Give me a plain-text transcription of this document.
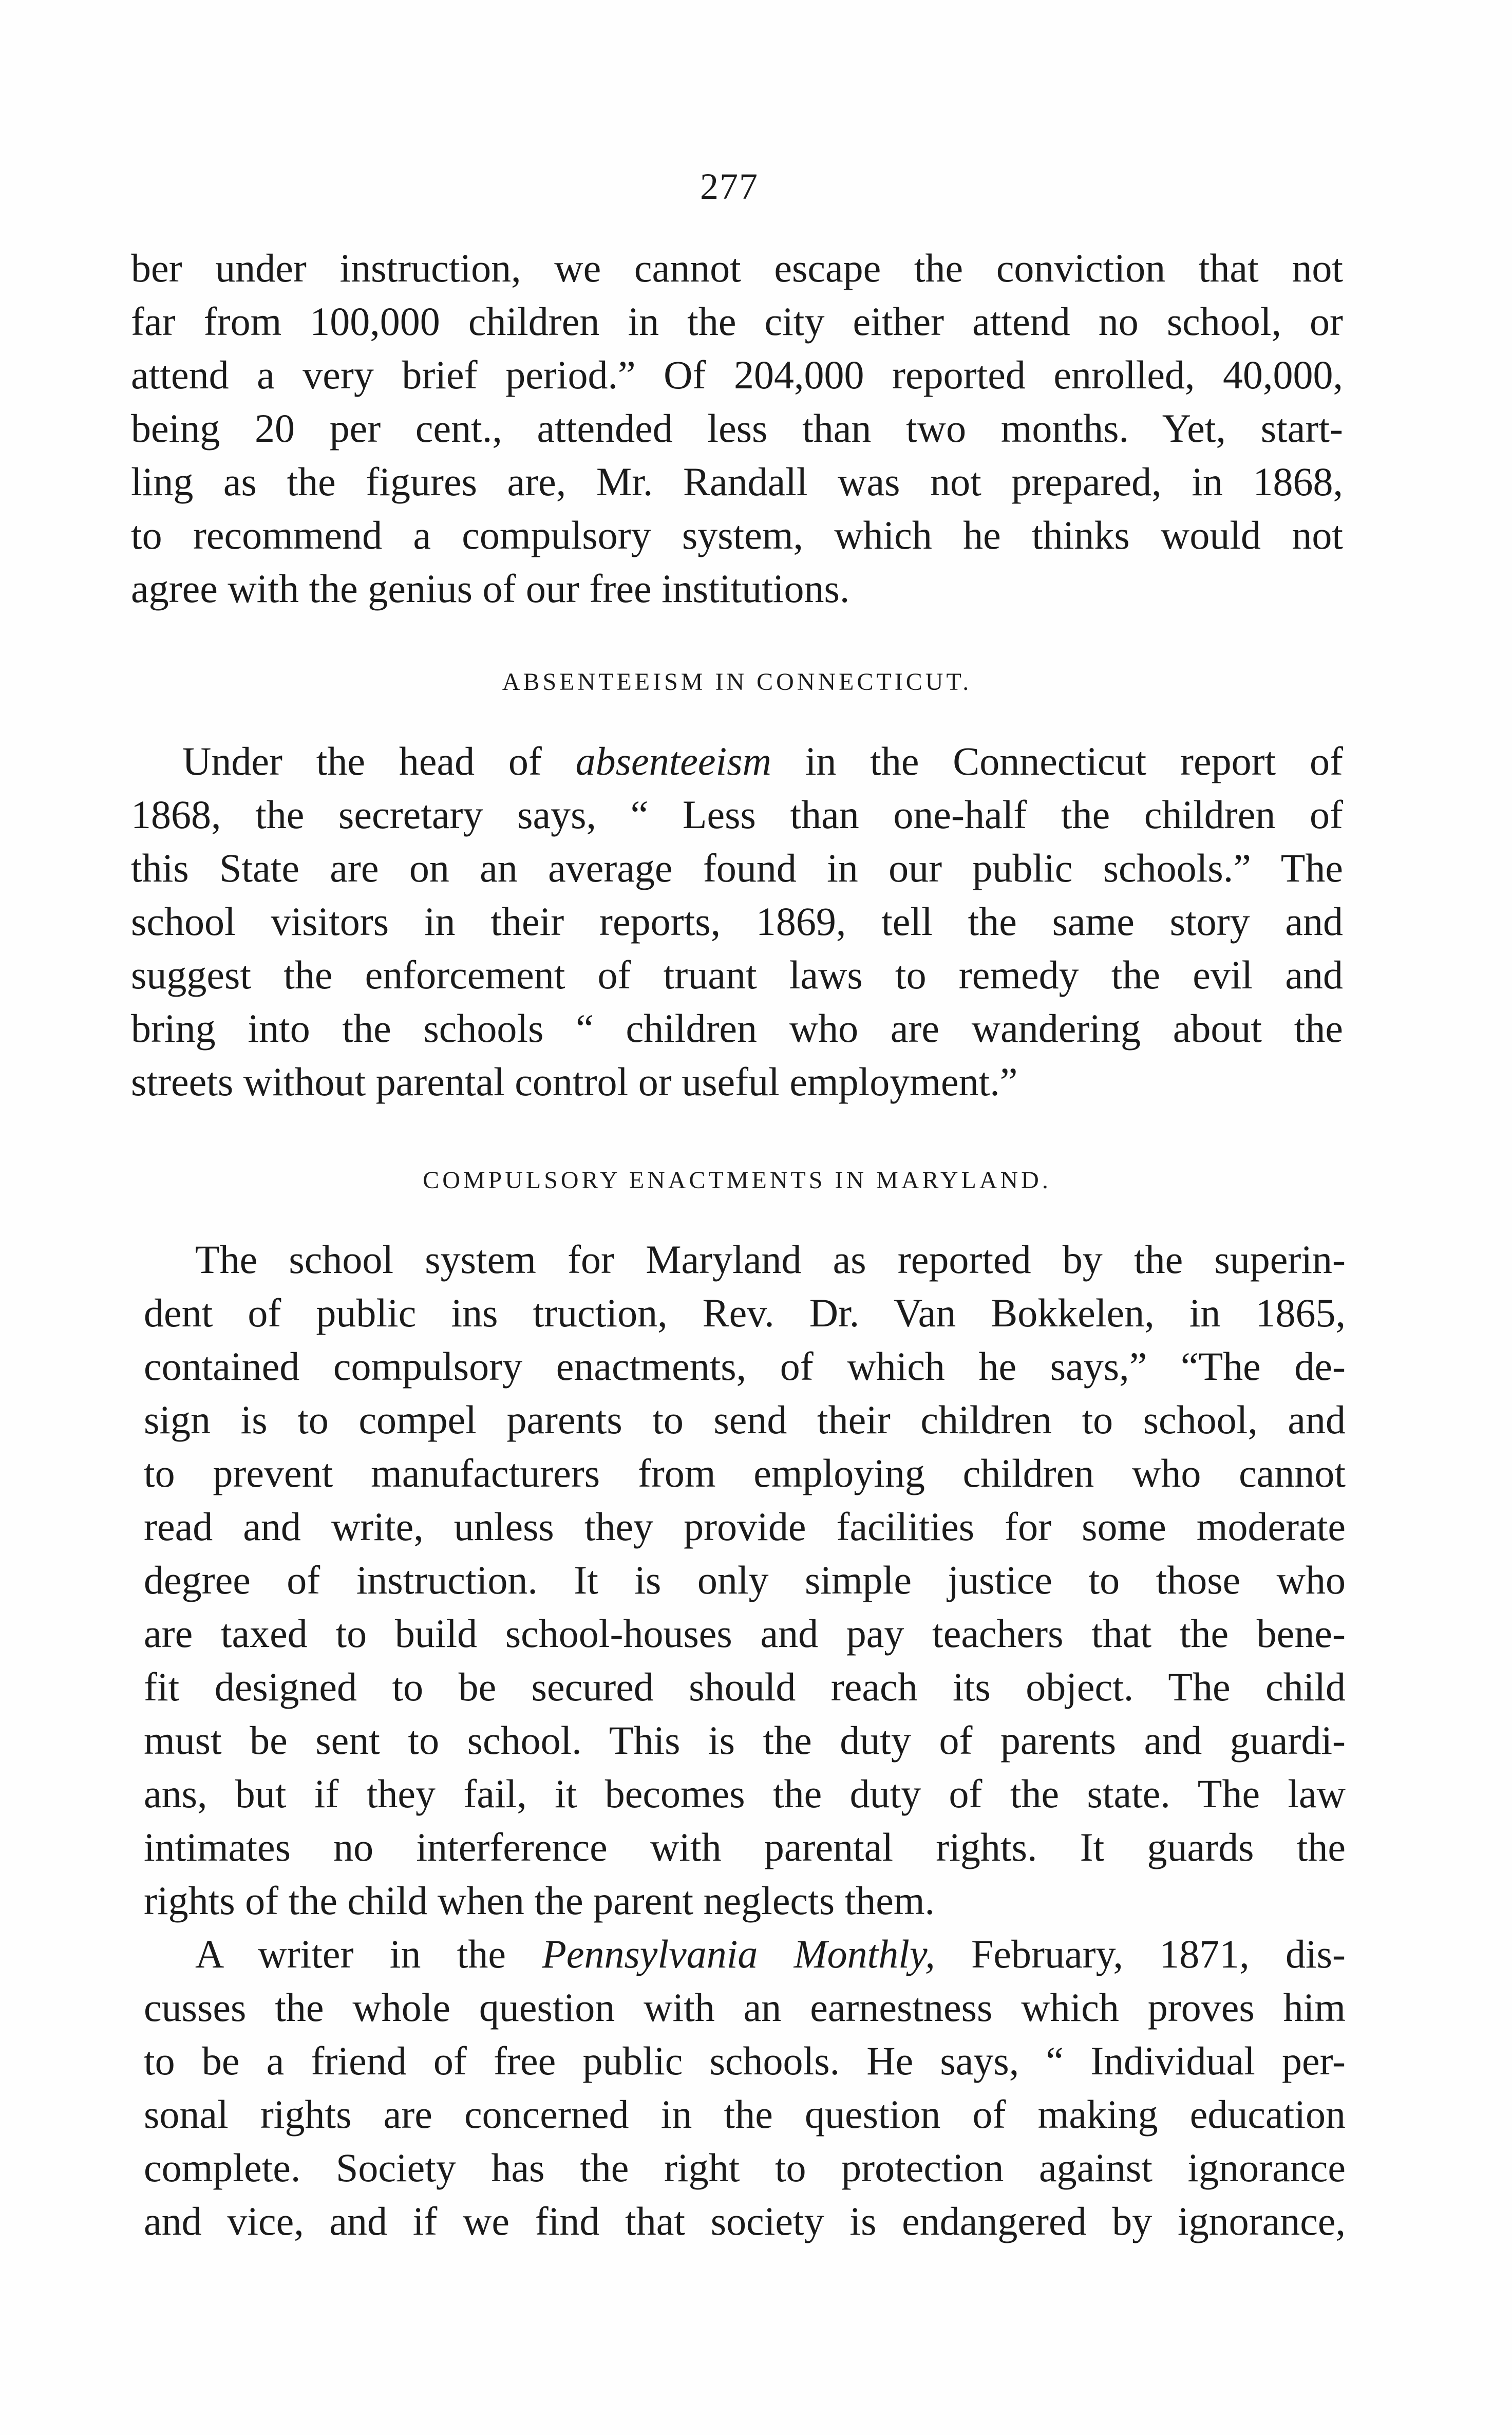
277
ber under instruction, we cannot escape the conviction that not
far from 100,000 children in the city either attend no school, or
attend a very brief period.” Of 204,000 reported enrolled, 40,000,
being 20 per cent., attended less than two months. Yet, start-
ling as the figures are, Mr. Randall was not prepared, in 1868,
to recommend a compulsory system, which he thinks would not
agree with the genius of our free institutions.
ABSENTEEISM IN CONNECTICUT.
Under the head of absenteeism in the Connecticut report of
1868, the secretary says, “ Less than one-half the children of
this State are on an average found in our public schools.” The
school visitors in their reports, 1869, tell the same story and
suggest the enforcement of truant laws to remedy the evil and
bring into the schools “ children who are wandering about the
streets without parental control or useful employment.”
COMPULSORY ENACTMENTS IN MARYLAND.
The school system for Maryland as reported by the superin-
dent of public ins truction, Rev. Dr. Van Bokkelen, in 1865,
contained compulsory enactments, of which he says,” “The de-
sign is to compel parents to send their children to school, and
to prevent manufacturers from employing children who cannot
read and write, unless they provide facilities for some moderate
degree of instruction. It is only simple justice to those who
are taxed to build school-houses and pay teachers that the bene-
fit designed to be secured should reach its object. The child
must be sent to school. This is the duty of parents and guardi-
ans, but if they fail, it becomes the duty of the state. The law
intimates no interference with parental rights. It guards the
rights of the child when the parent neglects them.
A writer in the Pennsylvania Monthly, February, 1871, dis-
cusses the whole question with an earnestness which proves him
to be a friend of free public schools. He says, “ Individual per-
sonal rights are concerned in the question of making education
complete. Society has the right to protection against ignorance
and vice, and if we find that society is endangered by ignorance,
